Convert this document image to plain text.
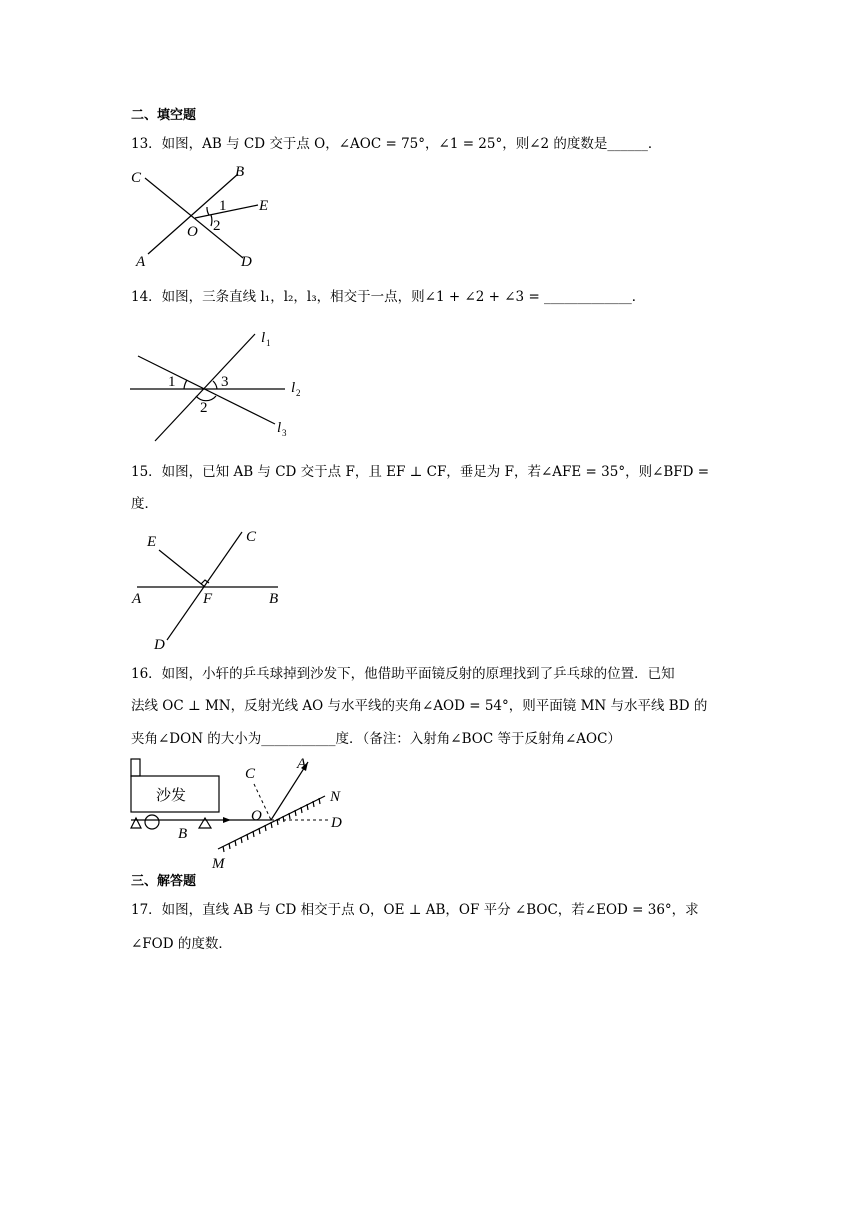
二、填空题
13．如图，AB 与 CD 交于点 O，∠AOC = 75°，∠1 = 25°，则∠2 的度数是______．
C	B
E
1
O 2
A	D
14．如图，三条直线 l₁，l₂，l₃，相交于一点，则∠1 + ∠2 + ∠3 = _____________．
l 1
l 2
l 3
1	3
2
15．如图，已知 AB 与 CD 交于点 F，且 EF ⊥ CF，垂足为 F，若∠AFE = 35°，则∠BFD =
度．
E	C
A	F	B
D
16．如图，小轩的乒乓球掉到沙发下，他借助平面镜反射的原理找到了乒乓球的位置．已知
法线 OC ⊥ MN，反射光线 AO 与水平线的夹角∠AOD = 54°，则平面镜 MN 与水平线 BD 的
夹角∠DON 的大小为___________度．（备注：入射角∠BOC 等于反射角∠AOC）
沙发
C
A
N
O	D
B
M
三、解答题
17．如图，直线 AB 与 CD 相交于点 O，OE ⊥ AB，OF 平分 ∠BOC，若∠EOD = 36°，求
∠FOD 的度数．
